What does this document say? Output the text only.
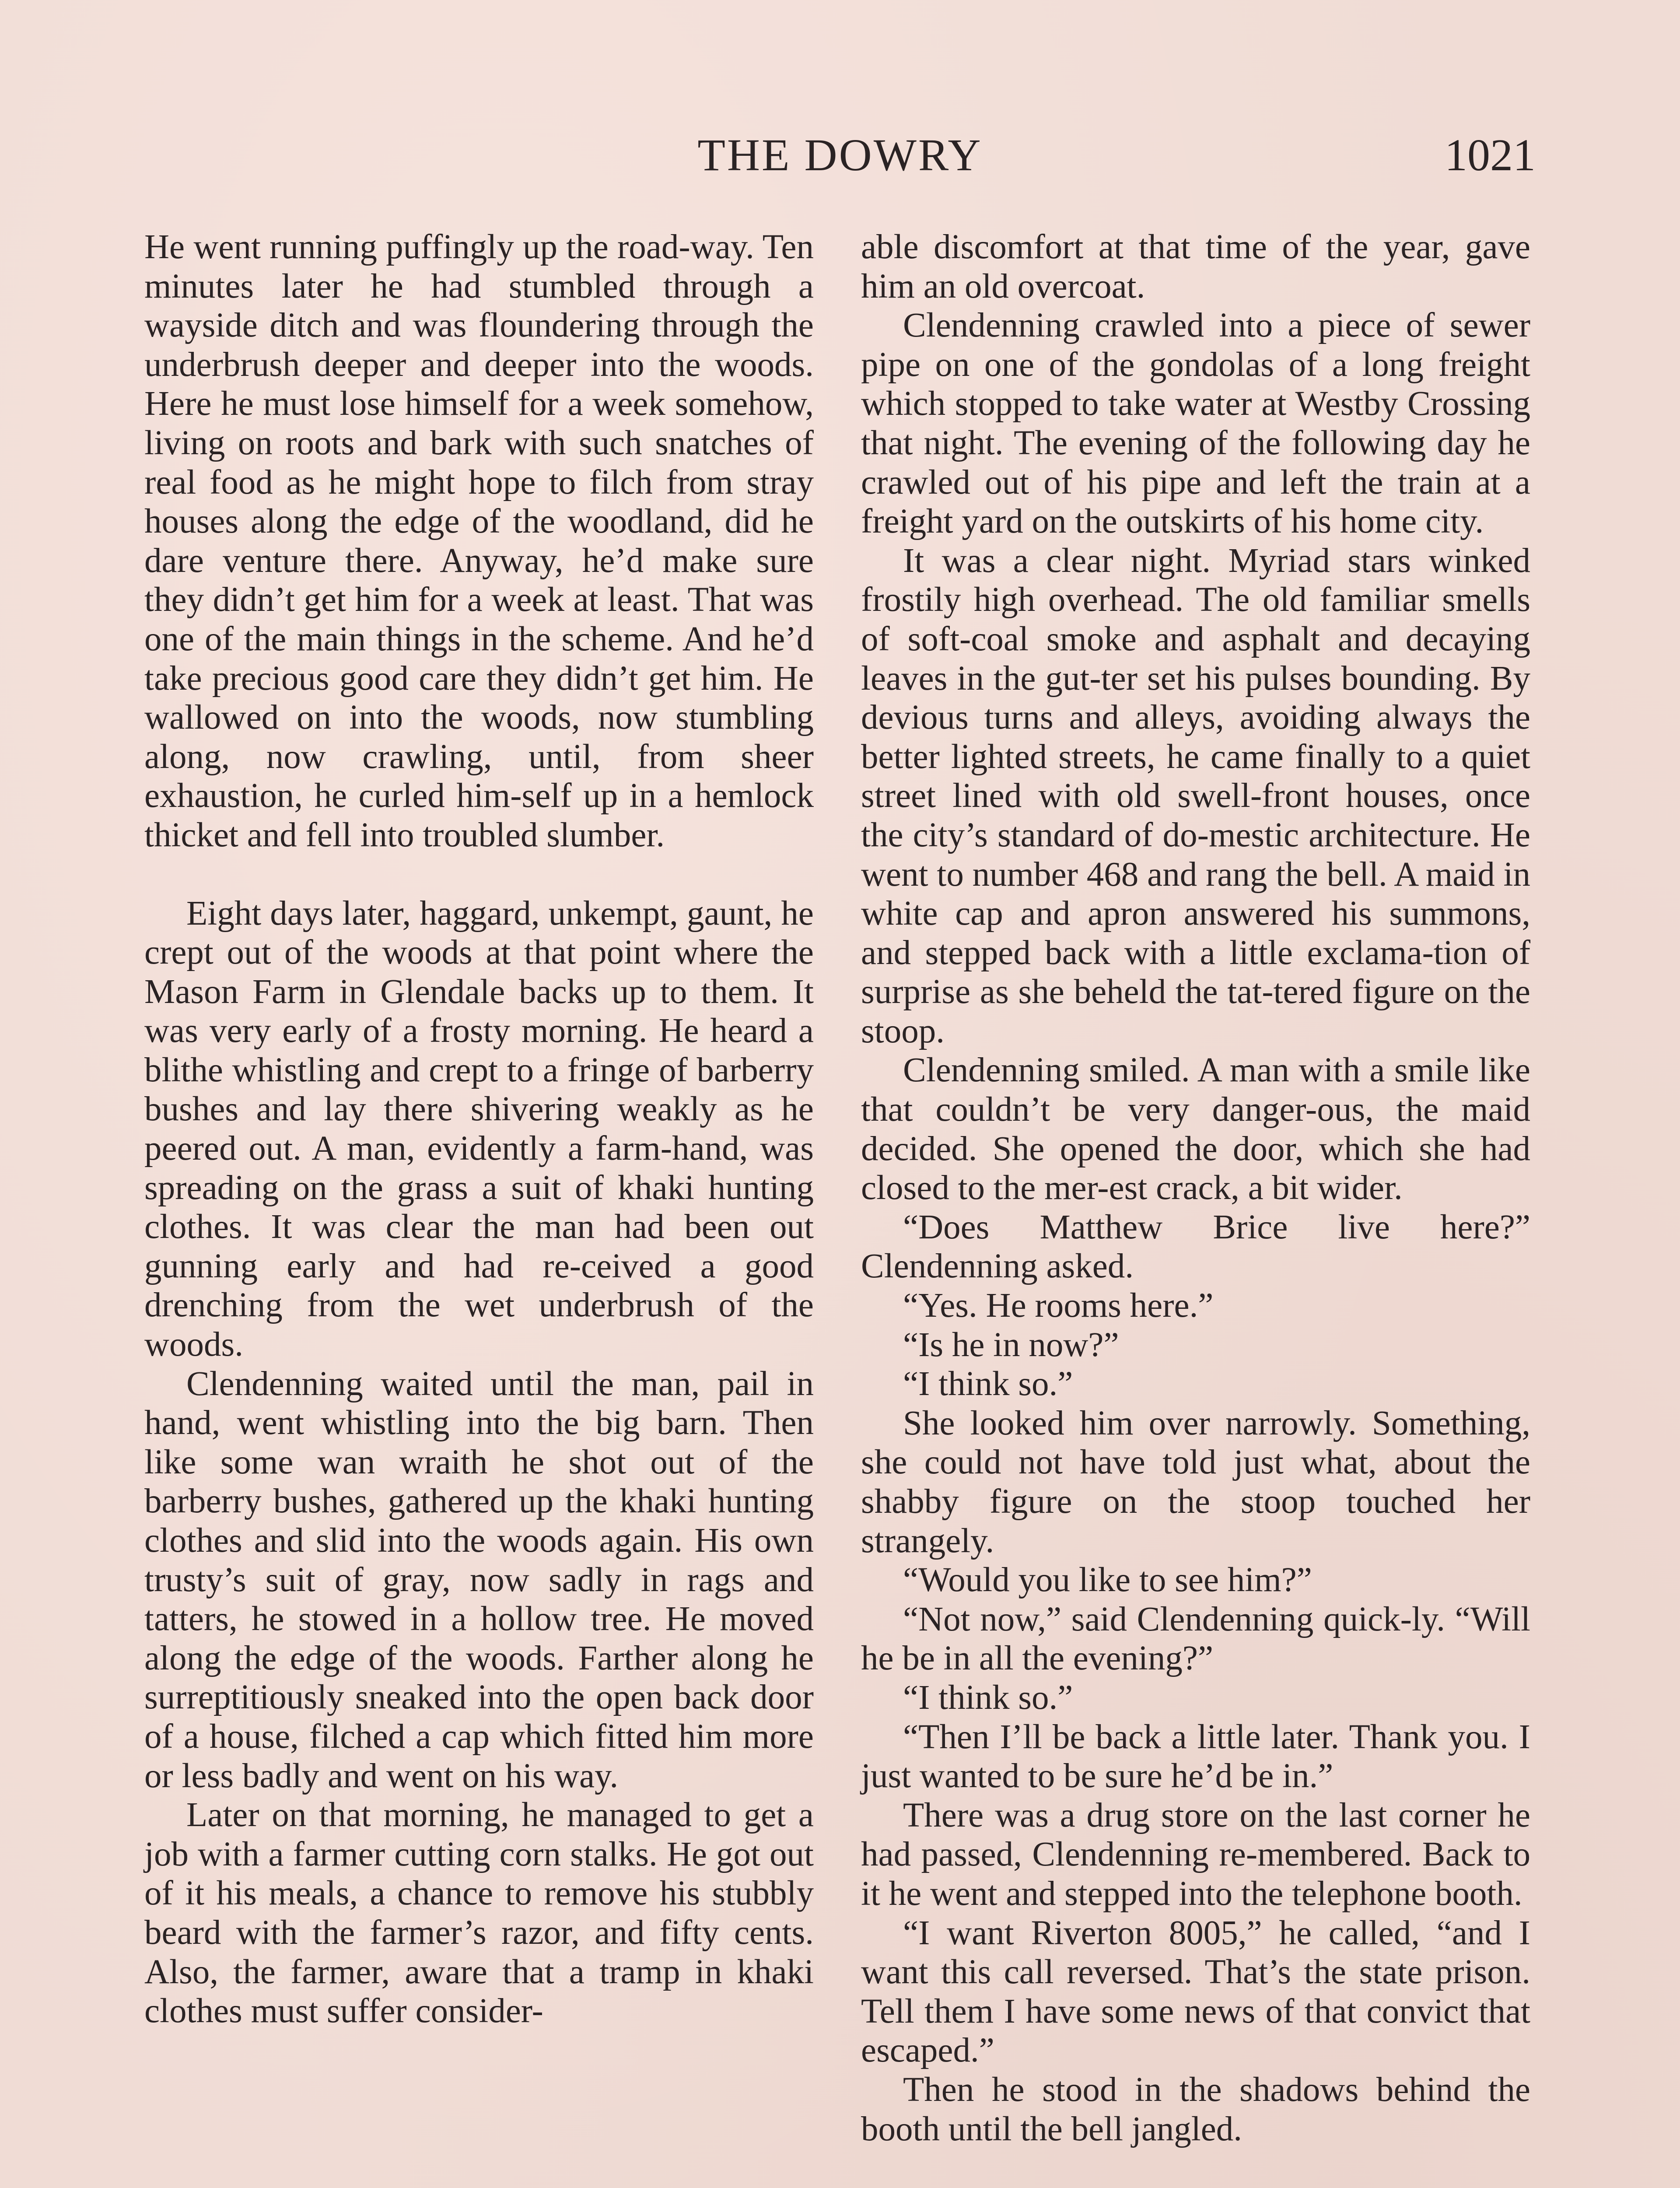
THE DOWRY	1021

He went running puffingly up the road-way. Ten minutes later he had stumbled through a wayside ditch and was floundering through the underbrush deeper and deeper into the woods. Here he must lose himself for a week somehow, living on roots and bark with such snatches of real food as he might hope to filch from stray houses along the edge of the woodland, did he dare venture there. Anyway, he’d make sure they didn’t get him for a week at least. That was one of the main things in the scheme. And he’d take precious good care they didn’t get him. He wallowed on into the woods, now stumbling along, now crawling, until, from sheer exhaustion, he curled him-self up in a hemlock thicket and fell into troubled slumber.

Eight days later, haggard, unkempt, gaunt, he crept out of the woods at that point where the Mason Farm in Glendale backs up to them. It was very early of a frosty morning. He heard a blithe whistling and crept to a fringe of barberry bushes and lay there shivering weakly as he peered out. A man, evidently a farm-hand, was spreading on the grass a suit of khaki hunting clothes. It was clear the man had been out gunning early and had re-ceived a good drenching from the wet underbrush of the woods.

Clendenning waited until the man, pail in hand, went whistling into the big barn. Then like some wan wraith he shot out of the barberry bushes, gathered up the khaki hunting clothes and slid into the woods again. His own trusty’s suit of gray, now sadly in rags and tatters, he stowed in a hollow tree. He moved along the edge of the woods. Farther along he surreptitiously sneaked into the open back door of a house, filched a cap which fitted him more or less badly and went on his way.

Later on that morning, he managed to get a job with a farmer cutting corn stalks. He got out of it his meals, a chance to remove his stubbly beard with the farmer’s razor, and fifty cents. Also, the farmer, aware that a tramp in khaki clothes must suffer consider-

able discomfort at that time of the year, gave him an old overcoat.

Clendenning crawled into a piece of sewer pipe on one of the gondolas of a long freight which stopped to take water at Westby Crossing that night. The evening of the following day he crawled out of his pipe and left the train at a freight yard on the outskirts of his home city.

It was a clear night. Myriad stars winked frostily high overhead. The old familiar smells of soft-coal smoke and asphalt and decaying leaves in the gut-ter set his pulses bounding. By devious turns and alleys, avoiding always the better lighted streets, he came finally to a quiet street lined with old swell-front houses, once the city’s standard of do-mestic architecture. He went to number 468 and rang the bell. A maid in white cap and apron answered his summons, and stepped back with a little exclama-tion of surprise as she beheld the tat-tered figure on the stoop.

Clendenning smiled. A man with a smile like that couldn’t be very danger-ous, the maid decided. She opened the door, which she had closed to the mer-est crack, a bit wider.

“Does Matthew Brice live here?” Clendenning asked.

“Yes. He rooms here.”

“Is he in now?”

“I think so.”

She looked him over narrowly. Something, she could not have told just what, about the shabby figure on the stoop touched her strangely.

“Would you like to see him?”

“Not now,” said Clendenning quick-ly. “Will he be in all the evening?”

“I think so.”

“Then I’ll be back a little later. Thank you. I just wanted to be sure he’d be in.”

There was a drug store on the last corner he had passed, Clendenning re-membered. Back to it he went and stepped into the telephone booth.

“I want Riverton 8005,” he called, “and I want this call reversed. That’s the state prison. Tell them I have some news of that convict that escaped.”

Then he stood in the shadows behind the booth until the bell jangled.
